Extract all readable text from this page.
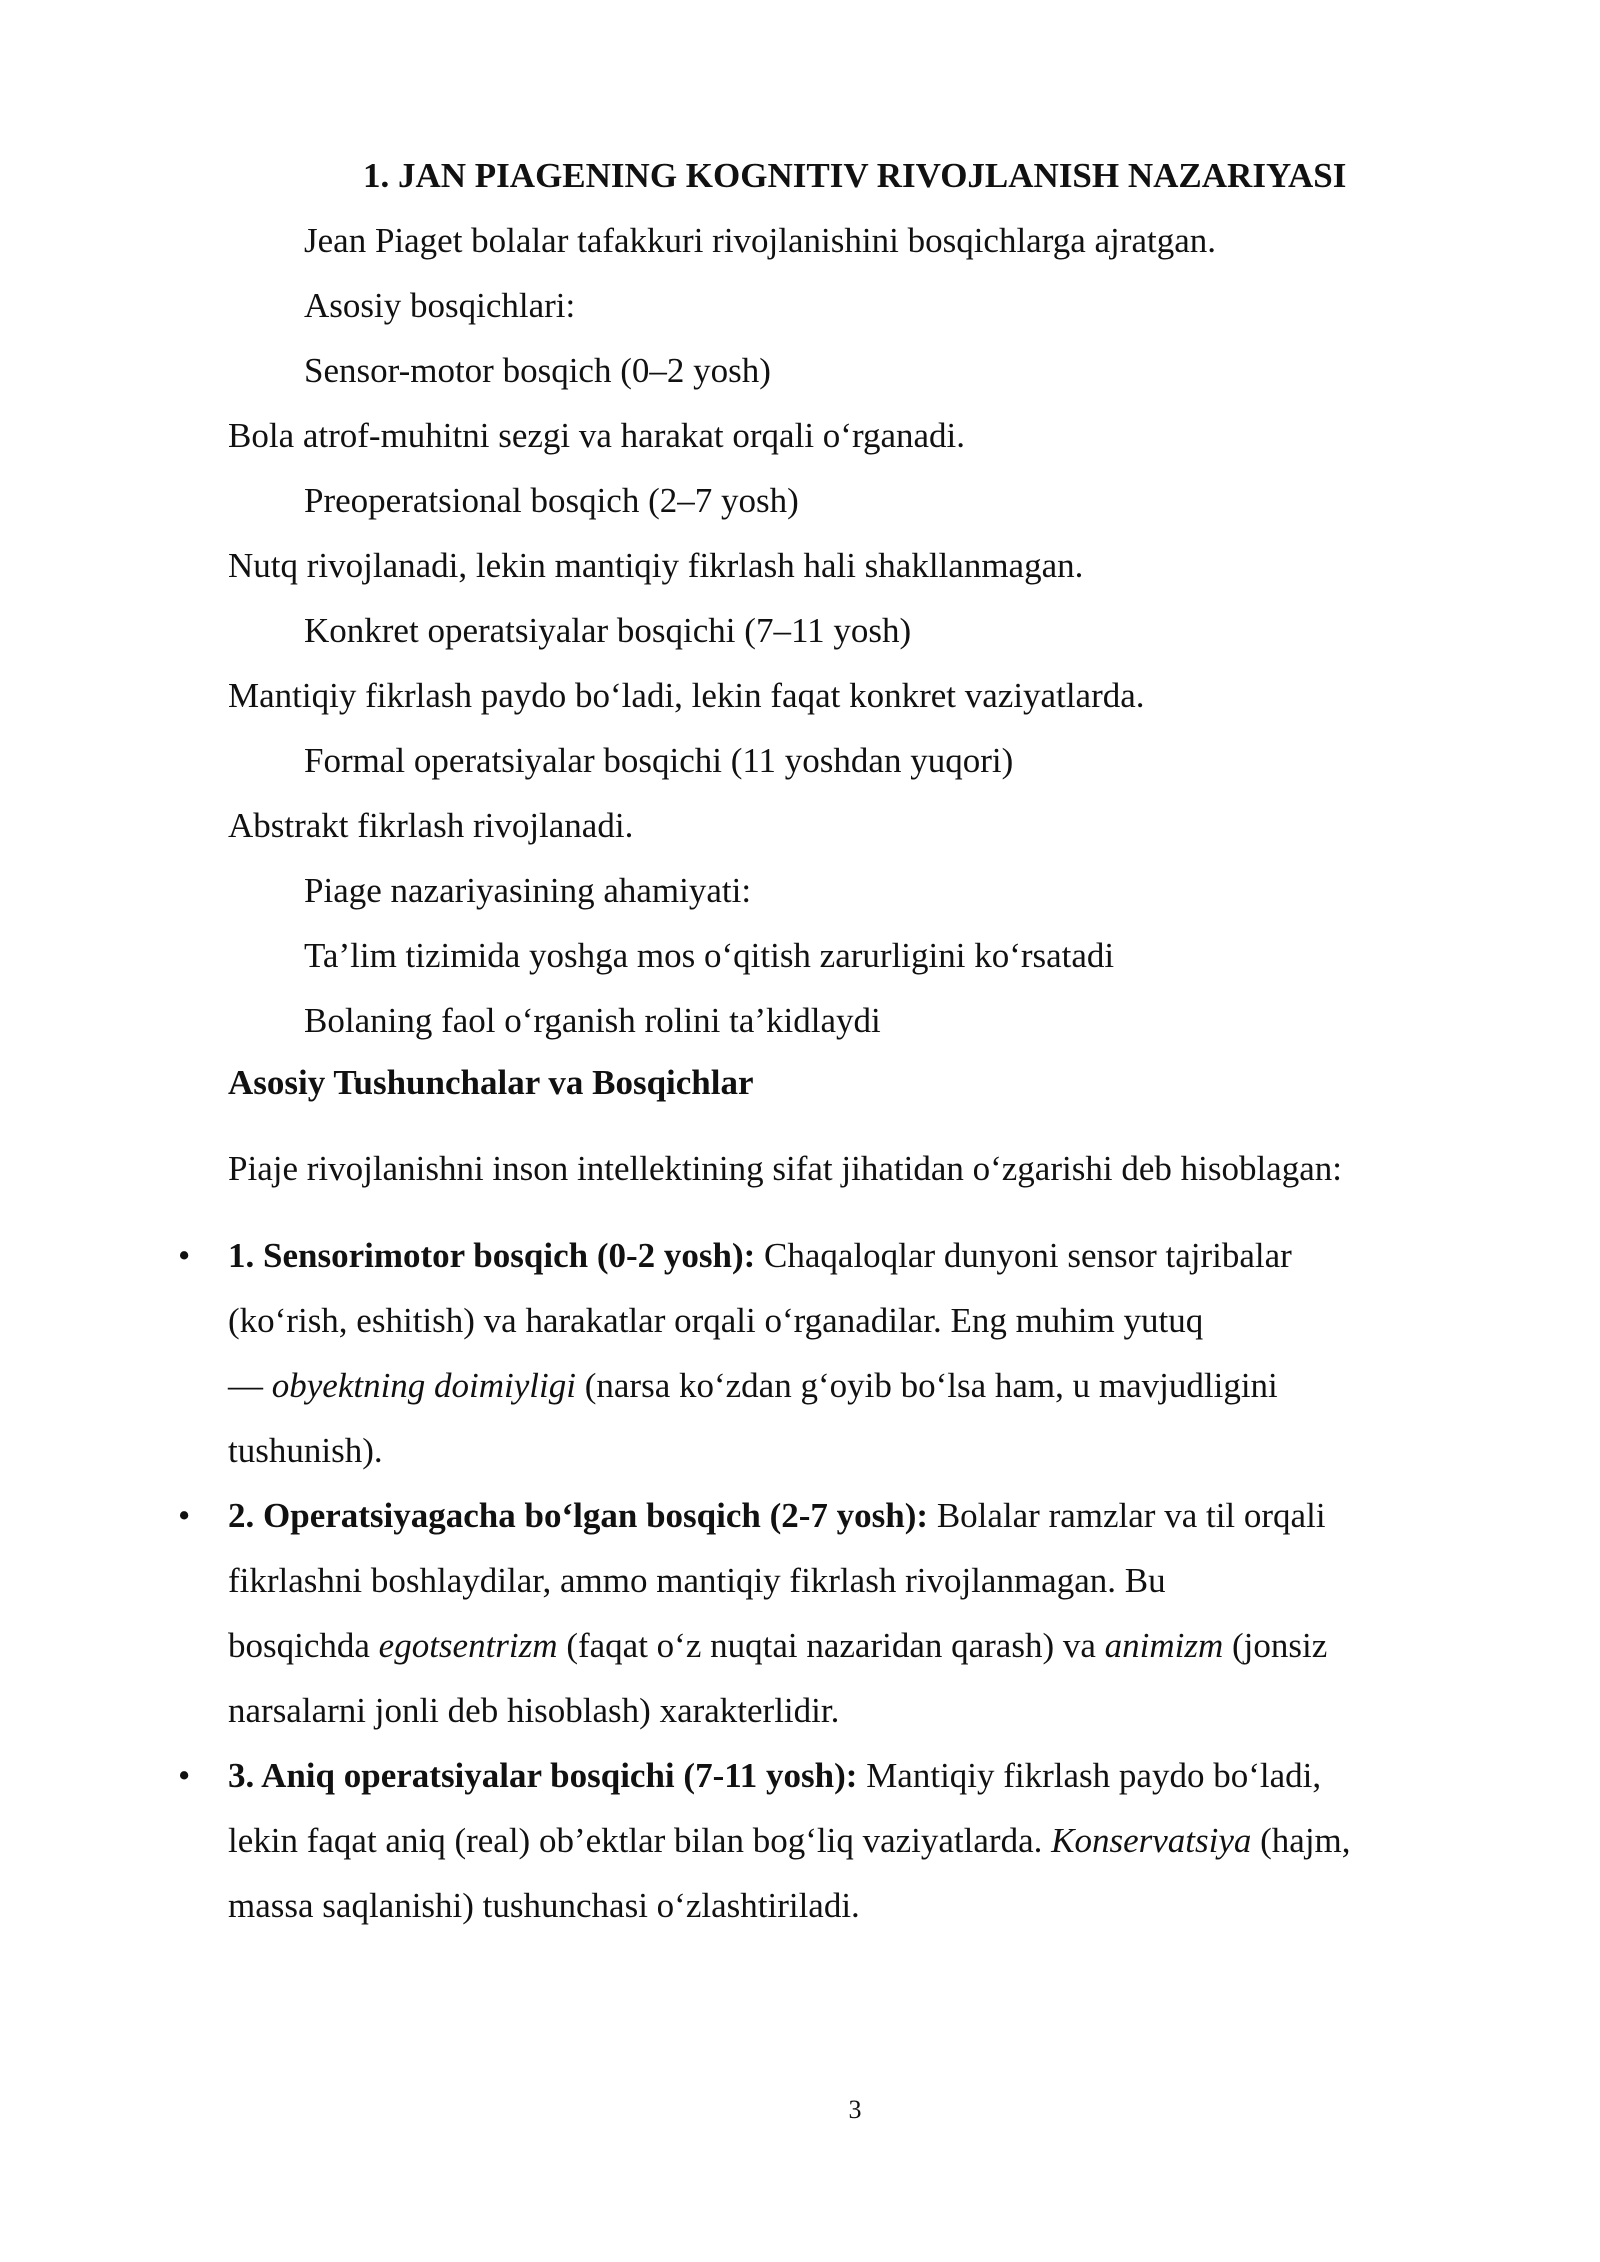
1. JAN PIAGENING KOGNITIV RIVOJLANISH NAZARIYASI
Jean Piaget bolalar tafakkuri rivojlanishini bosqichlarga ajratgan.
Asosiy bosqichlari:
Sensor-motor bosqich (0–2 yosh)
Bola atrof-muhitni sezgi va harakat orqali o‘rganadi.
Preoperatsional bosqich (2–7 yosh)
Nutq rivojlanadi, lekin mantiqiy fikrlash hali shakllanmagan.
Konkret operatsiyalar bosqichi (7–11 yosh)
Mantiqiy fikrlash paydo bo‘ladi, lekin faqat konkret vaziyatlarda.
Formal operatsiyalar bosqichi (11 yoshdan yuqori)
Abstrakt fikrlash rivojlanadi.
Piage nazariyasining ahamiyati:
Ta’lim tizimida yoshga mos o‘qitish zarurligini ko‘rsatadi
Bolaning faol o‘rganish rolini ta’kidlaydi
Asosiy Tushunchalar va Bosqichlar
Piaje rivojlanishni inson intellektining sifat jihatidan o‘zgarishi deb hisoblagan:
• 1. Sensorimotor bosqich (0-2 yosh): Chaqaloqlar dunyoni sensor tajribalar
(ko‘rish, eshitish) va harakatlar orqali o‘rganadilar. Eng muhim yutuq
— obyektning doimiyligi (narsa ko‘zdan g‘oyib bo‘lsa ham, u mavjudligini
tushunish).
• 2. Operatsiyagacha bo‘lgan bosqich (2-7 yosh): Bolalar ramzlar va til orqali
fikrlashni boshlaydilar, ammo mantiqiy fikrlash rivojlanmagan. Bu
bosqichda egotsentrizm (faqat o‘z nuqtai nazaridan qarash) va animizm (jonsiz
narsalarni jonli deb hisoblash) xarakterlidir.
• 3. Aniq operatsiyalar bosqichi (7-11 yosh): Mantiqiy fikrlash paydo bo‘ladi,
lekin faqat aniq (real) ob’ektlar bilan bog‘liq vaziyatlarda. Konservatsiya (hajm,
massa saqlanishi) tushunchasi o‘zlashtiriladi.
3
